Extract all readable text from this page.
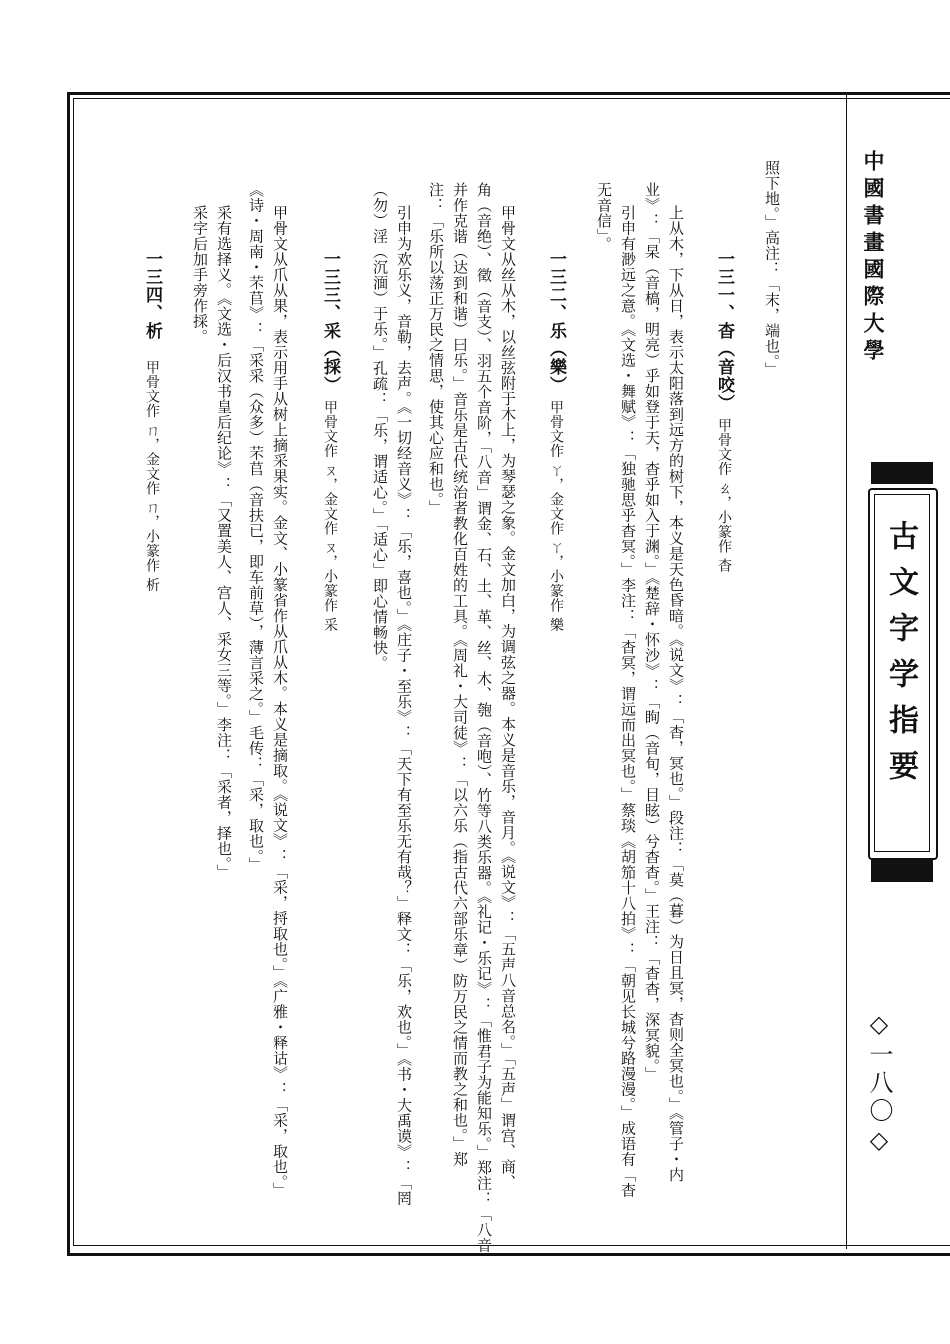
中國書畫國際大學
古文字学指要
◇一八〇◇
照下地。」高注：「末，端也。」
一三一、杳（音咬）
甲骨文作 ㄠ，小篆作 杳
上从木，下从日，表示太阳落到远方的树下，本义是天色昏暗。《说文》：「杳，冥也。」段注：「莫（暮）为日且冥，杳则全冥也。」《管子・内
业》：「杲（音槁，明亮）乎如登于天，杳乎如入于渊。」《楚辞・怀沙》：「眴（音旬，目眩）兮杳杳。」王注：「杳杳，深冥貌。」
引申有渺远之意。《文选・舞赋》：「独驰思乎杳冥。」李注：「杳冥，谓远而出冥也。」蔡琰《胡笳十八拍》：「朝见长城兮路漫漫。」成语有「杳
无音信」。
一三二、乐（樂）
甲骨文作 ㄚ，金文作 ㄚ，小篆作 樂
甲骨文从丝从木，以丝弦附于木上，为琴瑟之象。金文加白，为调弦之器。本义是音乐，音月。《说文》：「五声八音总名。」「五声」谓宫、商、
角（音绝）、徵（音支）、羽五个音阶，「八音」谓金、石、土、革、丝、木、匏（音咆）、竹等八类乐器。《礼记・乐记》：「惟君子为能知乐。」郑注：「八音
并作克谐（达到和谐）曰乐。」音乐是古代统治者教化百姓的工具。《周礼・大司徒》：「以六乐（指古代六部乐章）防万民之情而教之和也。」郑
注：「乐所以荡正万民之情思，使其心应和也。」
引申为欢乐义，音勒，去声。《一切经音义》：「乐，喜也。」《庄子・至乐》：「天下有至乐无有哉？」释文：「乐，欢也。」《书・大禹谟》：「罔
（勿）淫（沉湎）于乐。」孔疏：「乐，谓适心。」「适心」即心情畅快。
一三三、采（採）
甲骨文作 ㄡ，金文作 ㄡ，小篆作 采
甲骨文从爪从果，表示用手从树上摘采果实。金文、小篆省作从爪从木。本义是摘取。《说文》：「采，捋取也。」《广雅・释诂》：「采，取也。」
《诗・周南・芣苢》：「采采（众多）芣苢（音扶已，即车前草），薄言采之。」毛传：「采，取也。」
采有选择义。《文选・后汉书皇后纪论》：「又置美人、宫人、采女三等。」李注：「采者，择也。」
采字后加手旁作採。
一三四、析
甲骨文作 ㄇ，金文作 ㄇ，小篆作 析
